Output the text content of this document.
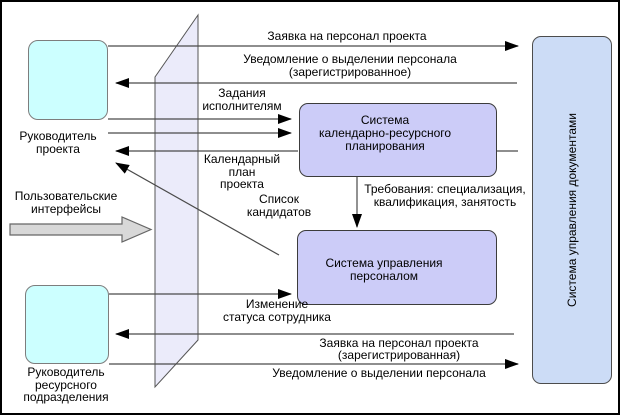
Система
календарно-ресурсного
планирования
Система управления
персоналом	Система управления документами
Руководитель
проекта
Руководитель
ресурсного
подразделения
Пользовательские
интерфейсы
Заявка на персонал проекта
Уведомление о выделении персонала
(зарегистрированное)
Задания
исполнителям
Календарный
план
проекта
Список
кандидатов
Требования: специализация,
квалификация, занятость
Изменение
статуса сотрудника
Заявка на персонал проекта
(зарегистрированная)
Уведомление о выделении персонала
